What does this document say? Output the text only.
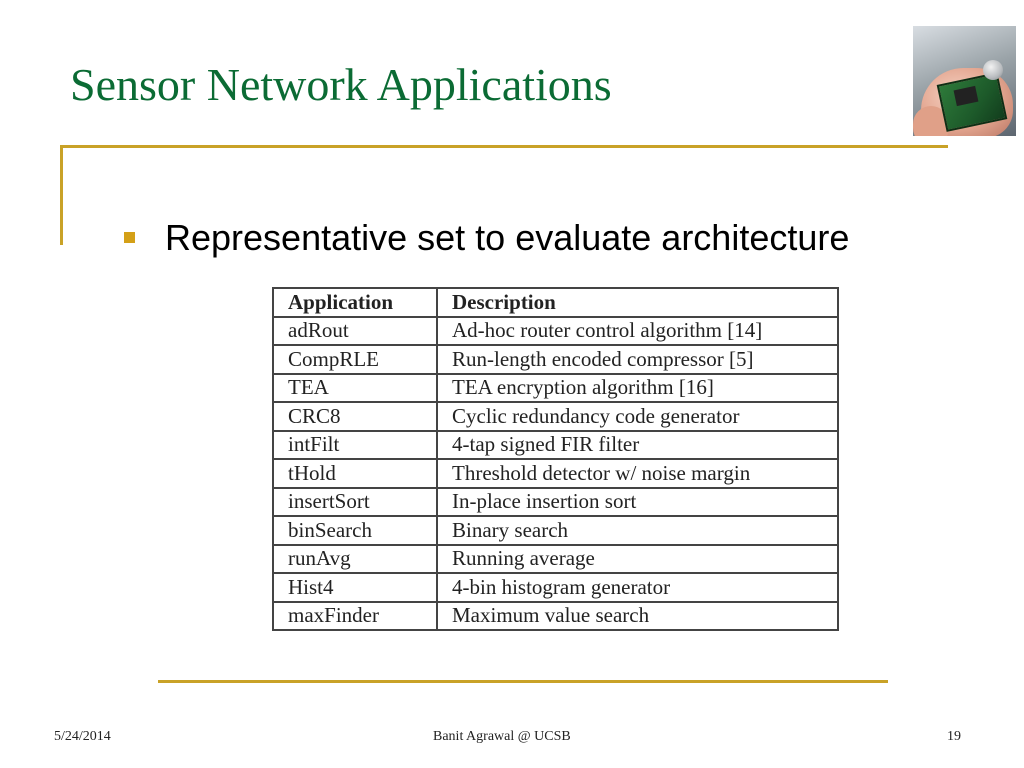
Sensor Network Applications
Representative set to evaluate architecture
Application	Description
adRout	Ad-hoc router control algorithm [14]
CompRLE	Run-length encoded compressor [5]
TEA	TEA encryption algorithm [16]
CRC8	Cyclic redundancy code generator
intFilt	4-tap signed FIR filter
tHold	Threshold detector w/ noise margin
insertSort	In-place insertion sort
binSearch	Binary search
runAvg	Running average
Hist4	4-bin histogram generator
maxFinder	Maximum value search
5/24/2014	Banit Agrawal @ UCSB	19
